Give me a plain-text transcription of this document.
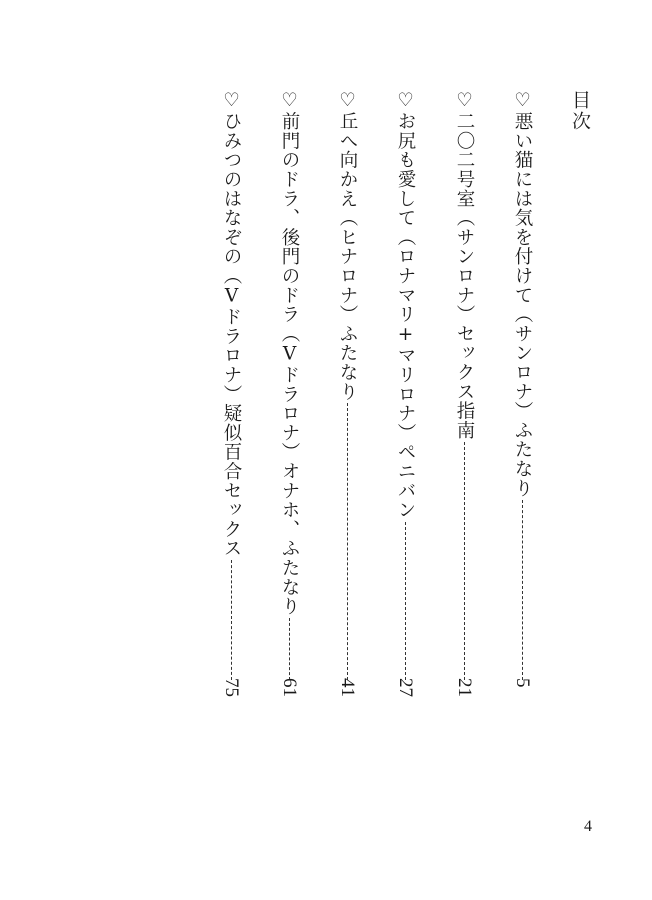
目次
♡悪い猫には気を付けて（サンロナ）ふたなり
5
♡二〇二号室（サンロナ）セックス指南
21
♡お尻も愛して（ロナマリ+マリロナ）ペニバン
27
♡丘へ向かえ（ヒナロナ）ふたなり
41
♡前門のドラ、後門のドラ（Vドラロナ）オナホ、ふたなり
61
♡ひみつのはなぞの（Vドラロナ）疑似百合セックス
75
4
